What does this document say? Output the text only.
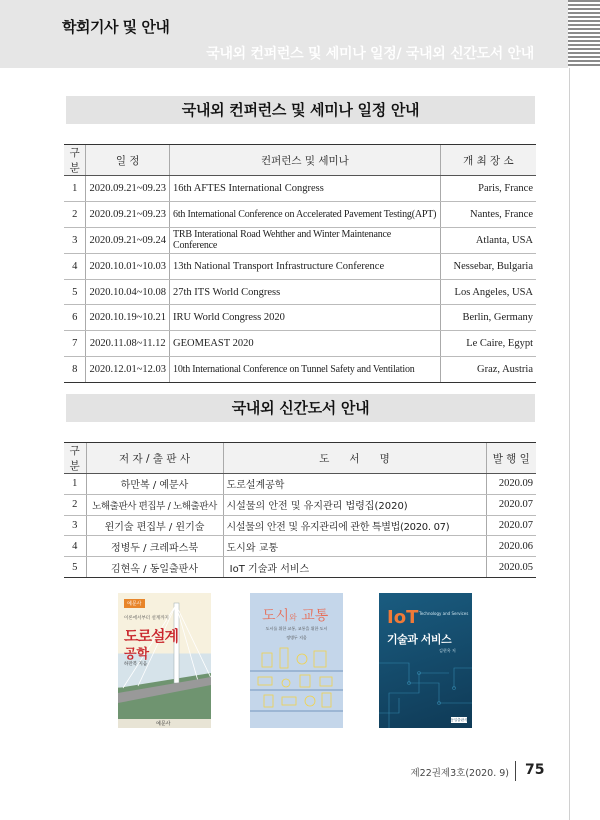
학회기사 및 안내
국내외 컨퍼런스 및 세미나 일정/ 국내외 신간도서 안내
국내외 컨퍼런스 및 세미나 일정 안내
구분	일 정	컨퍼런스 및 세미나	개 최 장 소
1	2020.09.21~09.23	16th AFTES International Congress	Paris, France
2	2020.09.21~09.23	6th International Conference on Accelerated Pavement Testing(APT)	Nantes, France
3	2020.09.21~09.24	TRB Interational Road Wehther and Winter Maintenance Conference	Atlanta, USA
4	2020.10.01~10.03	13th National Transport Infrastructure Conference	Nessebar, Bulgaria
5	2020.10.04~10.08	27th ITS World Congress	Los Angeles, USA
6	2020.10.19~10.21	IRU World Congress 2020	Berlin, Germany
7	2020.11.08~11.12	GEOMEAST 2020	Le Caire, Egypt
8	2020.12.01~12.03	10th International Conference on Tunnel Safety and Ventilation	Graz, Austria
국내외 신간도서 안내
구분	저 자 / 출 판 사	도      서      명	발 행 일
1	하만복 / 예문사	도로설계공학	2020.09
2	노해출판사 편집부 / 노해출판사	시설물의 안전 및 유지관리 법령집(2020)	2020.07
3	윈기술 편집부 / 윈기술	시설물의 안전 및 유지관리에 관한 특별법(2020. 07)	2020.07
4	정병두 / 크레파스북	도시와 교통	2020.06
5	김현옥 / 동일출판사	IoT 기술과 서비스	2020.05
예문사
이론에서부터 설계까지
도로설계
공학
하만복 지음
예문사
도시와 교통
도시를 위한 교통, 교통을 위한 도시
정병두 지음
IoT Technology and Services
기술과 서비스
김현옥 저
동일출판사
제22권제3호(2020. 9) 75
